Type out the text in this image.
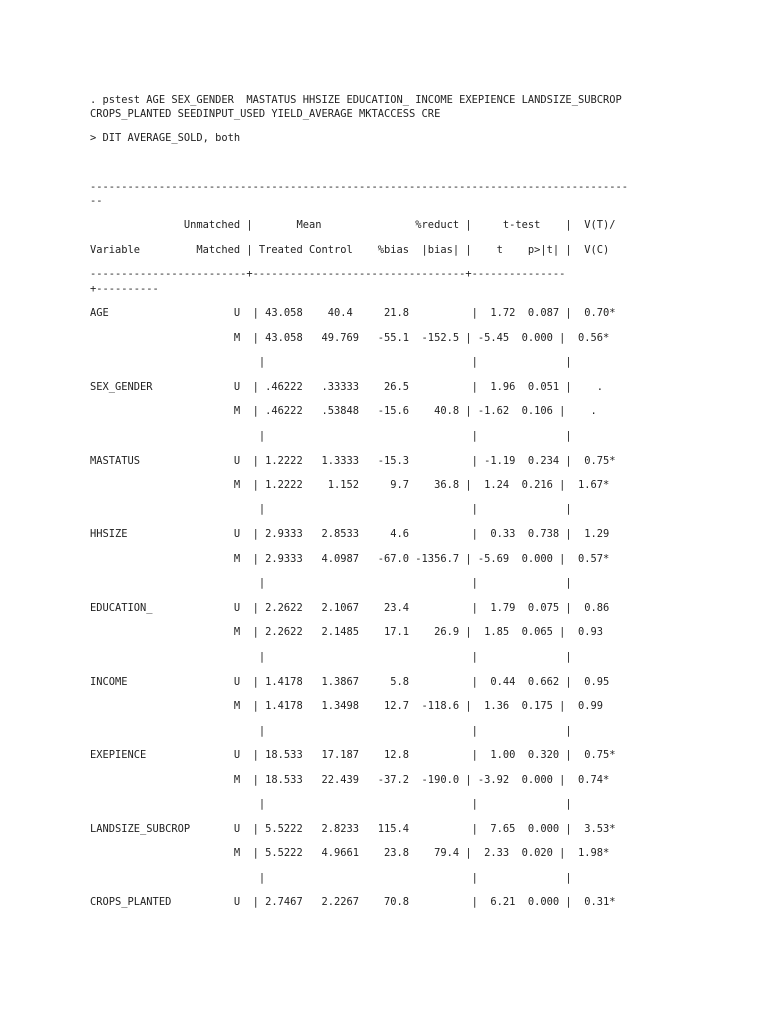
. pstest AGE SEX_GENDER  MASTATUS HHSIZE EDUCATION_ INCOME EXEPIENCE LANDSIZE_SUBCROP
CROPS_PLANTED SEEDINPUT_USED YIELD_AVERAGE MKTACCESS CRE
> DIT AVERAGE_SOLD, both
--------------------------------------------------------------------------------------
--
Unmatched |       Mean               %reduct |     t-test    |  V(T)/
Variable         Matched | Treated Control    %bias  |bias| |    t    p>|t| |  V(C)
-------------------------+----------------------------------+---------------
+----------
AGE                    U  | 43.058    40.4     21.8          |  1.72  0.087 |  0.70*
M  | 43.058   49.769   -55.1  -152.5 | -5.45  0.000 |  0.56*
|                                 |              |
SEX_GENDER             U  | .46222   .33333    26.5          |  1.96  0.051 |    .
M  | .46222   .53848   -15.6    40.8 | -1.62  0.106 |    .
|                                 |              |
MASTATUS               U  | 1.2222   1.3333   -15.3          | -1.19  0.234 |  0.75*
M  | 1.2222    1.152     9.7    36.8 |  1.24  0.216 |  1.67*
|                                 |              |
HHSIZE                 U  | 2.9333   2.8533     4.6          |  0.33  0.738 |  1.29
M  | 2.9333   4.0987   -67.0 -1356.7 | -5.69  0.000 |  0.57*
|                                 |              |
EDUCATION_             U  | 2.2622   2.1067    23.4          |  1.79  0.075 |  0.86
M  | 2.2622   2.1485    17.1    26.9 |  1.85  0.065 |  0.93
|                                 |              |
INCOME                 U  | 1.4178   1.3867     5.8          |  0.44  0.662 |  0.95
M  | 1.4178   1.3498    12.7  -118.6 |  1.36  0.175 |  0.99
|                                 |              |
EXEPIENCE              U  | 18.533   17.187    12.8          |  1.00  0.320 |  0.75*
M  | 18.533   22.439   -37.2  -190.0 | -3.92  0.000 |  0.74*
|                                 |              |
LANDSIZE_SUBCROP       U  | 5.5222   2.8233   115.4          |  7.65  0.000 |  3.53*
M  | 5.5222   4.9661    23.8    79.4 |  2.33  0.020 |  1.98*
|                                 |              |
CROPS_PLANTED          U  | 2.7467   2.2267    70.8          |  6.21  0.000 |  0.31*
